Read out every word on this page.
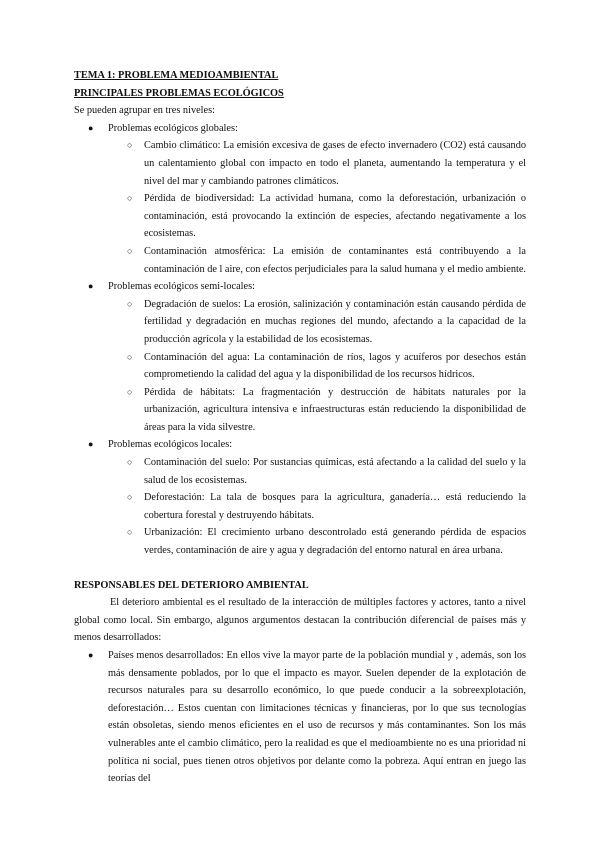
TEMA 1: PROBLEMA MEDIOAMBIENTAL
PRINCIPALES PROBLEMAS ECOLÓGICOS
Se pueden agrupar en tres niveles:
● Problemas ecológicos globales:
○ Cambio climático: La emisión excesiva de gases de efecto invernadero (CO2) está causando un calentamiento global con impacto en todo el planeta, aumentando la temperatura y el nivel del mar y cambiando patrones climáticos.

○ Pérdida de biodiversidad: La actividad humana, como la deforestación, urbanización o contaminación, está provocando la extinción de especies, afectando negativamente a los ecosistemas.

○ Contaminación atmosférica: La emisión de contaminantes está contribuyendo a la contaminación de l aire, con efectos perjudiciales para la salud humana y el medio ambiente.

● Problemas ecológicos semi-locales:
○ Degradación de suelos: La erosión, salinización y contaminación están causando pérdida de fertilidad y degradación en muchas regiones del mundo, afectando a la capacidad de la producción agrícola y la estabilidad de los ecosistemas.

○ Contaminación del agua: La contaminación de ríos, lagos y acuíferos por desechos están comprometiendo la calidad del agua y la disponibilidad de los recursos hídricos.

○ Pérdida de hábitats: La fragmentación y destrucción de hábitats naturales por la urbanización, agricultura intensiva e infraestructuras están reduciendo la disponibilidad de áreas para la vida silvestre.

● Problemas ecológicos locales:
○ Contaminación del suelo: Por sustancias químicas, está afectando a la calidad del suelo y la salud de los ecosistemas.

○ Deforestación: La tala de bosques para la agricultura, ganadería… está reduciendo la cobertura forestal y destruyendo hábitats.

○ Urbanización: El crecimiento urbano descontrolado está generando pérdida de espacios verdes, contaminación de aire y agua y degradación del entorno natural en área urbana.

RESPONSABLES DEL DETERIORO AMBIENTAL

El deterioro ambiental es el resultado de la interacción de múltiples factores y actores, tanto a nivel global como local. Sin embargo, algunos argumentos destacan la contribución diferencial de países más y menos desarrollados:

● Países menos desarrollados: En ellos vive la mayor parte de la población mundial y , además, son los más densamente poblados, por lo que el impacto es mayor. Suelen depender de la explotación de recursos naturales para su desarrollo económico, lo que puede conducir a la sobreexplotación, deforestación… Estos cuentan con limitaciones técnicas y financieras, por lo que sus tecnologías están obsoletas, siendo menos eficientes en el uso de recursos y más contaminantes. Son los más vulnerables ante el cambio climático, pero la realidad es que el medioambiente no es una prioridad ni política ni social, pues tienen otros objetivos por delante como la pobreza. Aquí entran en juego las teorías del
